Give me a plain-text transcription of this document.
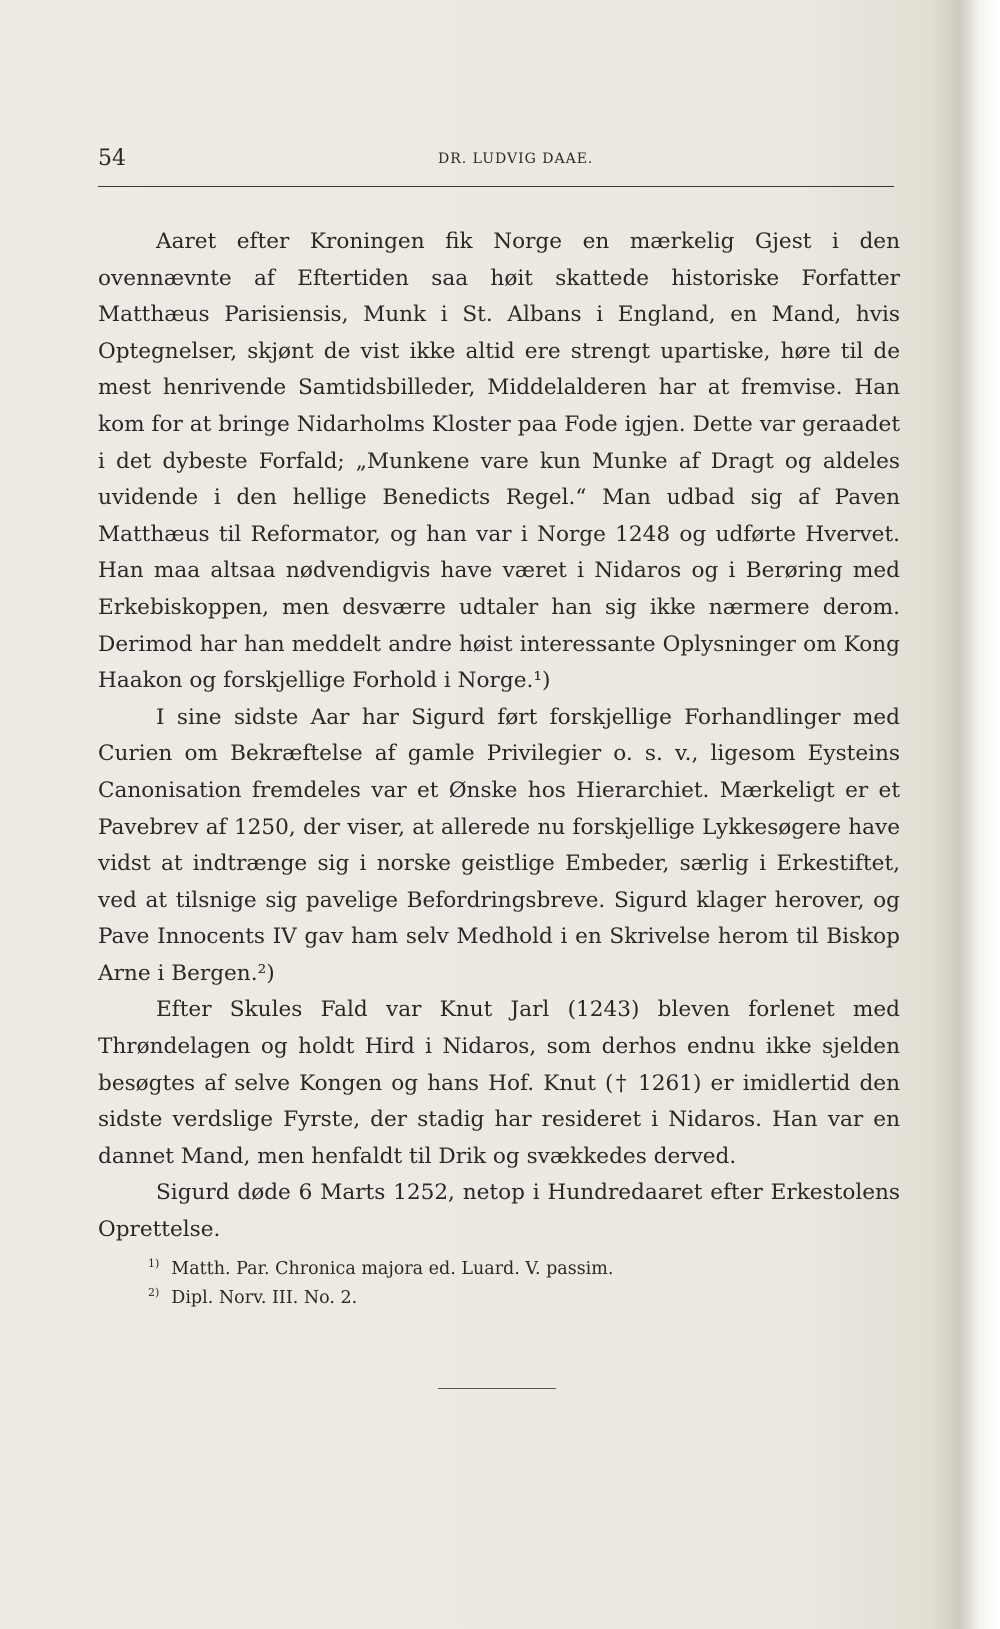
54	DR. LUDVIG DAAE.

Aaret efter Kroningen fik Norge en mærkelig Gjest i den ovennævnte af Eftertiden saa høit skattede historiske Forfatter Matthæus Parisiensis, Munk i St. Albans i England, en Mand, hvis Optegnelser, skjønt de vist ikke altid ere strengt upartiske, høre til de mest henrivende Samtidsbilleder, Middelalderen har at fremvise. Han kom for at bringe Nidarholms Kloster paa Fode igjen. Dette var geraadet i det dybeste Forfald; „Munkene vare kun Munke af Dragt og aldeles uvidende i den hellige Benedicts Regel.“ Man udbad sig af Paven Matthæus til Reformator, og han var i Norge 1248 og udførte Hvervet. Han maa altsaa nødvendigvis have været i Nidaros og i Berøring med Erkebiskoppen, men desværre udtaler han sig ikke nærmere derom. Derimod har han meddelt andre høist interessante Oplysninger om Kong Haakon og forskjellige Forhold i Norge.¹)

I sine sidste Aar har Sigurd ført forskjellige Forhandlinger med Curien om Bekræftelse af gamle Privilegier o. s. v., ligesom Eysteins Canonisation fremdeles var et Ønske hos Hierarchiet. Mærkeligt er et Pavebrev af 1250, der viser, at allerede nu forskjellige Lykkesøgere have vidst at indtrænge sig i norske geistlige Embeder, særlig i Erkestiftet, ved at tilsnige sig pavelige Befordringsbreve. Sigurd klager herover, og Pave Innocents IV gav ham selv Medhold i en Skrivelse herom til Biskop Arne i Bergen.²)

Efter Skules Fald var Knut Jarl (1243) bleven forlenet med Thrøndelagen og holdt Hird i Nidaros, som derhos endnu ikke sjelden besøgtes af selve Kongen og hans Hof. Knut († 1261) er imidlertid den sidste verdslige Fyrste, der stadig har resideret i Nidaros. Han var en dannet Mand, men henfaldt til Drik og svækkedes derved.

Sigurd døde 6 Marts 1252, netop i Hundredaaret efter Erkestolens Oprettelse.

$^{1)}$ Matth. Par. Chronica majora ed. Luard. V. passim.
$^{2)}$ Dipl. Norv. III. No. 2.
